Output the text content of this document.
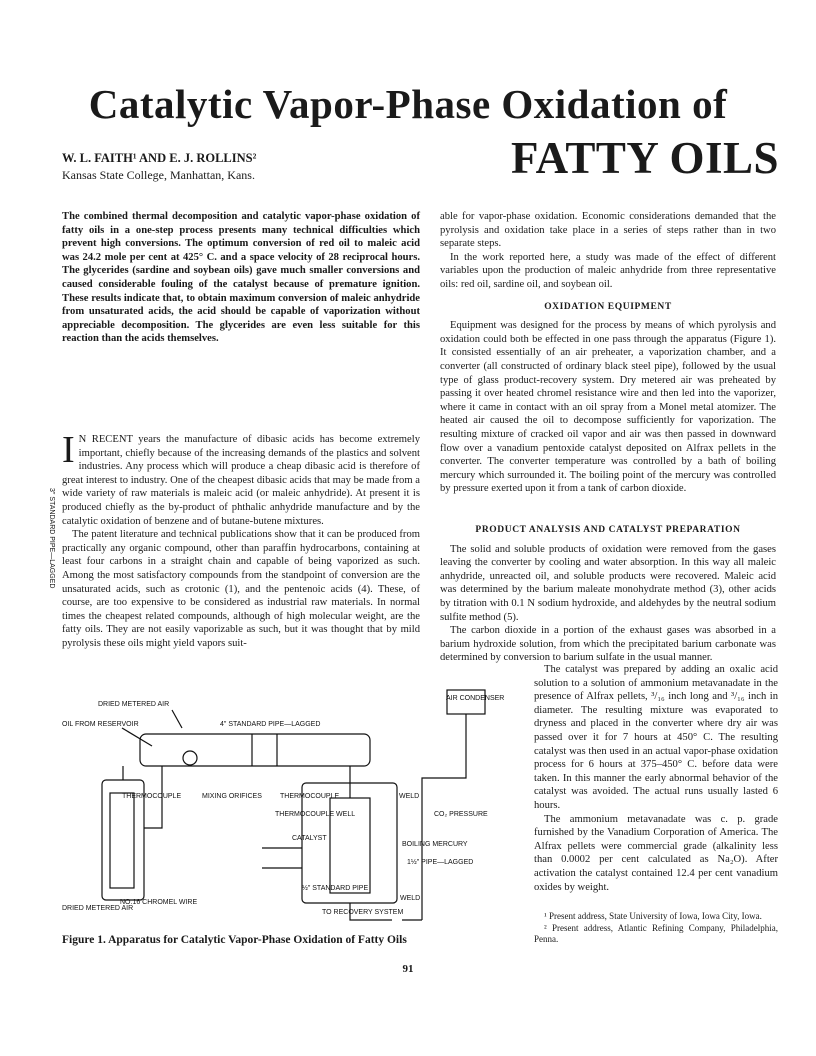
Catalytic Vapor-Phase Oxidation of
FATTY OILS
W. L. FAITH¹ AND E. J. ROLLINS²
Kansas State College, Manhattan, Kans.
The combined thermal decomposition and catalytic vapor-phase oxidation of fatty oils in a one-step process presents many technical difficulties which prevent high conversions. The optimum conversion of red oil to maleic acid was 24.2 mole per cent at 425° C. and a space velocity of 28 reciprocal hours. The glycerides (sardine and soybean oils) gave much smaller conversions and caused considerable fouling of the catalyst because of premature ignition. These results indicate that, to obtain maximum conversion of maleic anhydride from unsaturated acids, the acid should be capable of vaporization without appreciable decomposition. The glycerides are even less suitable for this reaction than the acids themselves.

I N RECENT years the manufacture of dibasic acids has become extremely important, chiefly because of the increasing demands of the plastics and solvent industries. Any process which will produce a cheap dibasic acid is therefore of great interest to industry. One of the cheapest dibasic acids that may be made from a wide variety of raw materials is maleic acid (or maleic anhydride). At present it is produced chiefly as the by-product of phthalic anhydride manufacture and by the catalytic oxidation of benzene and of butane-butene mixtures.

The patent literature and technical publications show that it can be produced from practically any organic compound, other than paraffin hydrocarbons, containing at least four carbons in a straight chain and capable of being vaporized as such. Among the most satisfactory compounds from the standpoint of conversion are the unsaturated acids, such as crotonic (1), and the pentenoic acids (4). These, of course, are too expensive to be considered as industrial raw materials. In normal times the cheapest related compounds, although of high molecular weight, are the fatty oils. They are not easily vaporizable as such, but it was thought that by mild pyrolysis these oils might yield vapors suit-

able for vapor-phase oxidation. Economic considerations demanded that the pyrolysis and oxidation take place in a series of steps rather than in two separate steps.

In the work reported here, a study was made of the effect of different variables upon the production of maleic anhydride from three representative oils: red oil, sardine oil, and soybean oil.

OXIDATION EQUIPMENT

Equipment was designed for the process by means of which pyrolysis and oxidation could both be effected in one pass through the apparatus (Figure 1). It consisted essentially of an air preheater, a vaporization chamber, and a converter (all constructed of ordinary black steel pipe), followed by the usual type of glass product-recovery system. Dry metered air was preheated by passing it over heated chromel resistance wire and then led into the vaporizer, where it came in contact with an oil spray from a Monel metal atomizer. The heated air caused the oil to decompose sufficiently for vaporization. The resulting mixture of cracked oil vapor and air was then passed in downward flow over a vanadium pentoxide catalyst deposited on Alfrax pellets in the converter. The converter temperature was controlled by a bath of boiling mercury which surrounded it. The boiling point of the mercury was controlled by pressure exerted upon it from a tank of carbon dioxide.

PRODUCT ANALYSIS AND CATALYST PREPARATION

The solid and soluble products of oxidation were removed from the gases leaving the converter by cooling and water absorption. In this way all maleic anhydride, unreacted oil, and soluble products were recovered. Maleic acid was determined by the barium maleate monohydrate method (3), other acids by titration with 0.1 N sodium hydroxide, and aldehydes by the neutral sodium sulfite method (5).

The carbon dioxide in a portion of the exhaust gases was absorbed in a barium hydroxide solution, from which the precipitated barium carbonate was determined by conversion to barium sulfate in the usual manner.

The catalyst was prepared by adding an oxalic acid solution to a solution of ammonium metavanadate in the presence of Alfrax pellets, ³/₁₆ inch long and ³/₁₆ inch in diameter. The resulting mixture was evaporated to dryness and placed in the converter where dry air was passed over it for 7 hours at 450° C. The resulting catalyst was then used in an actual vapor-phase oxidation process for 6 hours at 375–450° C. before data were taken. In this manner the early abnormal behavior of the catalyst was avoided. The actual runs usually lasted 6 hours.

The ammonium metavanadate was c. p. grade furnished by the Vanadium Corporation of America. The Alfrax pellets were commercial grade (alkalinity less than 0.0002 per cent calculated as Na₂O). After activation the catalyst contained 12.4 per cent vanadium oxides by weight.

¹ Present address, State University of Iowa, Iowa City, Iowa.

² Present address, Atlantic Refining Company, Philadelphia, Penna.

AIR CONDENSER
DRIED METERED AIR
OIL FROM RESERVOIR	4" STANDARD PIPE—LAGGED
THERMOCOUPLE	MIXING ORIFICES	THERMOCOUPLE
THERMOCOUPLE WELL
CATALYST
WELD
CO₂ PRESSURE
BOILING MERCURY
1½" PIPE—LAGGED
½" STANDARD PIPE
WELD
TO RECOVERY SYSTEM
DRIED METERED AIR
NO.16 CHROMEL WIRE
3" STANDARD PIPE—LAGGED
Figure 1. Apparatus for Catalytic Vapor-Phase Oxidation of Fatty Oils
91
